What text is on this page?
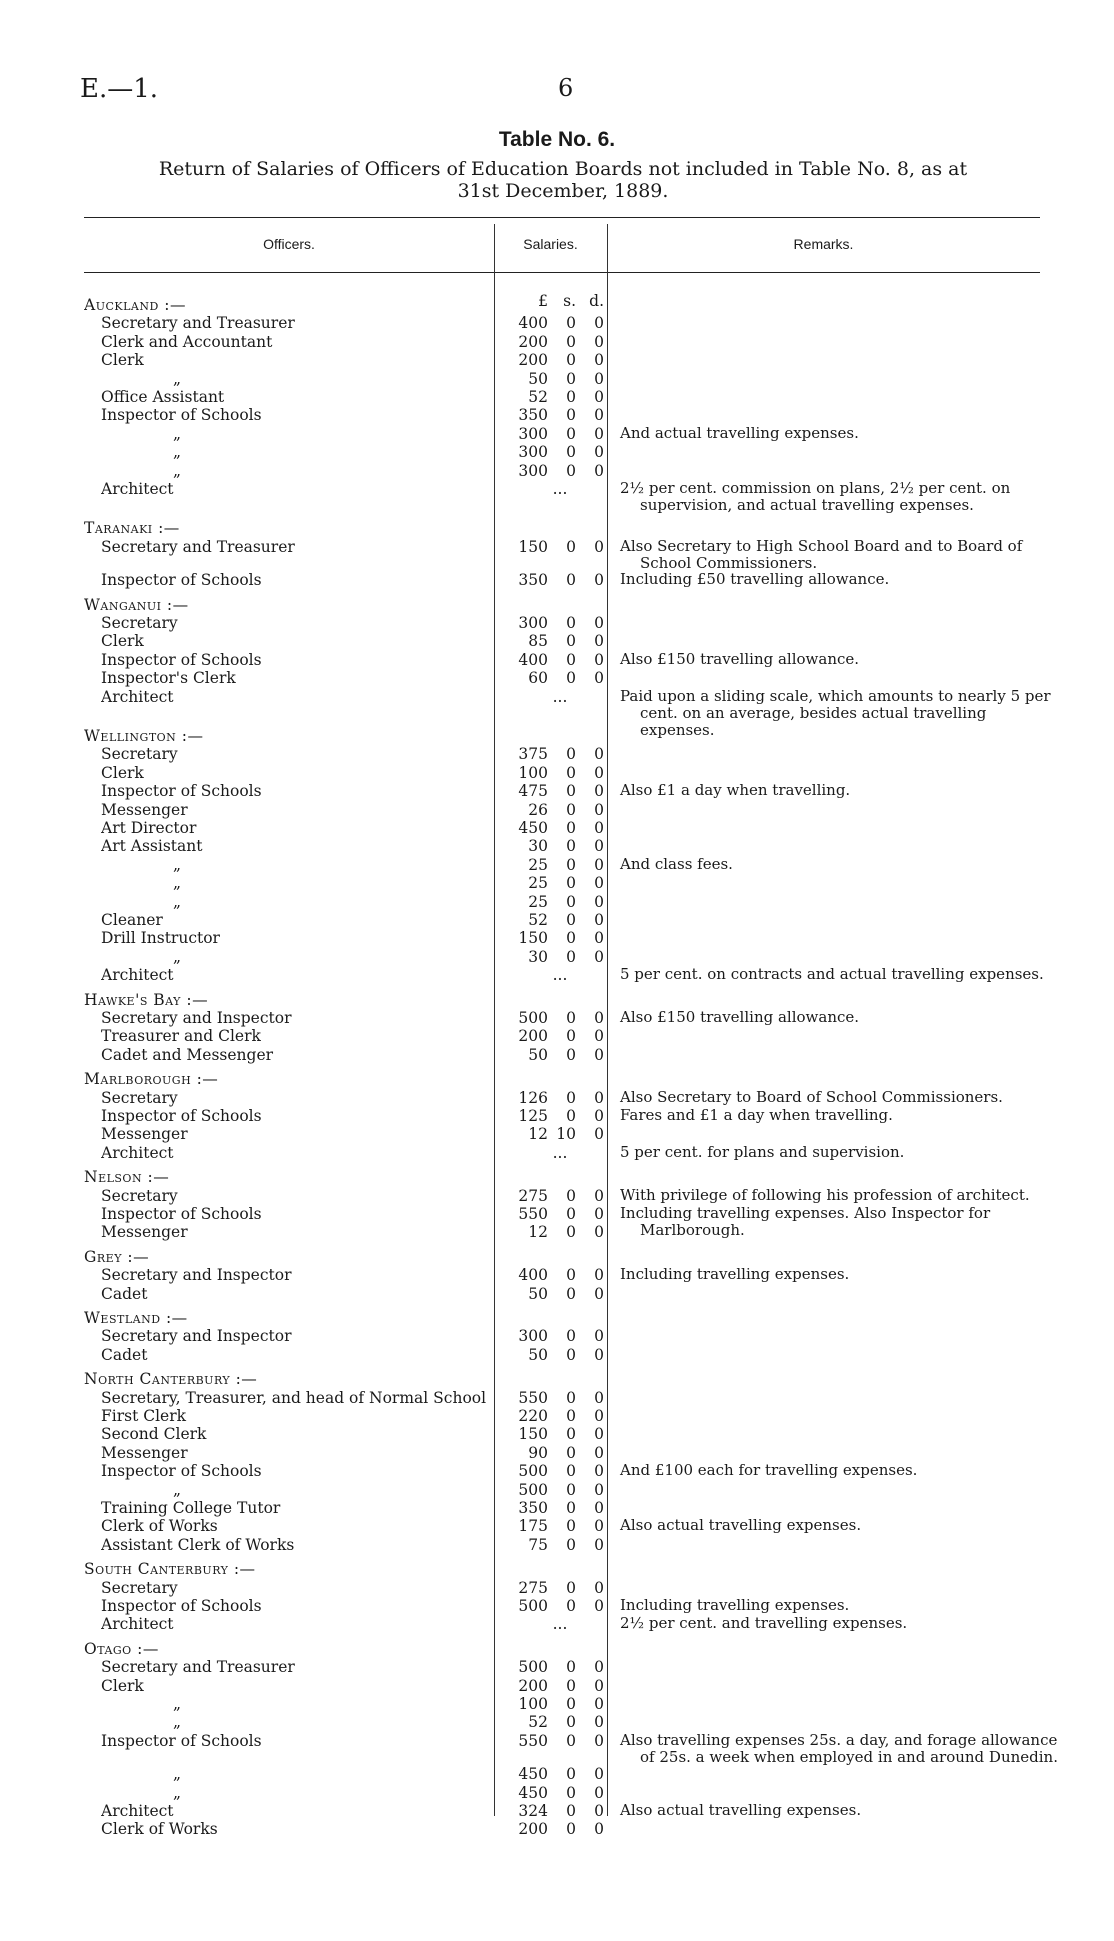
E.—1.	6
Table No. 6.
Return of Salaries of Officers of Education Boards not included in Table No. 8, as at
31st December, 1889.
Officers.	Salaries.	Remarks.
£ s. d.
Auckland :—
Secretary and Treasurer	400	0	0
Clerk and Accountant	200	0	0
Clerk	200	0	0
„	50	0	0
Office Assistant	52	0	0
Inspector of Schools	350	0	0
„	300	0	0 And actual travelling expenses.
„	300	0	0
„	300	0	0
Architect	...	2½ per cent. commission on plans, 2½ per cent. on supervision, and actual travelling expenses.
Taranaki :—
Secretary and Treasurer	150	0	0 Also Secretary to High School Board and to Board of School Commissioners.
Inspector of Schools	350	0	0 Including £50 travelling allowance.
Wanganui :—
Secretary	300	0	0
Clerk	85	0	0
Inspector of Schools	400	0	0 Also £150 travelling allowance.
Inspector's Clerk	60	0	0
Architect	...	Paid upon a sliding scale, which amounts to nearly 5 per cent. on an average, besides actual travelling expenses.
Wellington :—
Secretary	375	0	0
Clerk	100	0	0
Inspector of Schools	475	0	0 Also £1 a day when travelling.
Messenger	26	0	0
Art Director	450	0	0
Art Assistant	30	0	0
„	25	0	0 And class fees.
„	25	0	0
„	25	0	0
Cleaner	52	0	0
Drill Instructor	150	0	0
„	30	0	0
Architect	...	5 per cent. on contracts and actual travelling expenses.
Hawke's Bay :—
Secretary and Inspector	500	0	0 Also £150 travelling allowance.
Treasurer and Clerk	200	0	0
Cadet and Messenger	50	0	0
Marlborough :—
Secretary	126	0	0 Also Secretary to Board of School Commissioners.
Inspector of Schools	125	0	0 Fares and £1 a day when travelling.
Messenger	12 10	0
Architect	...	5 per cent. for plans and supervision.
Nelson :—
Secretary	275	0	0 With privilege of following his profession of architect.
Inspector of Schools	550	0	0 Including travelling expenses. Also Inspector for Marlborough.
Messenger	12	0	0
Grey :—
Secretary and Inspector	400	0	0 Including travelling expenses.
Cadet	50	0	0
Westland :—
Secretary and Inspector	300	0	0
Cadet	50	0	0
North Canterbury :—
Secretary, Treasurer, and head of Normal School	550	0	0
First Clerk	220	0	0
Second Clerk	150	0	0
Messenger	90	0	0
Inspector of Schools	500	0	0 And £100 each for travelling expenses.
„	500	0	0
Training College Tutor	350	0	0
Clerk of Works	175	0	0 Also actual travelling expenses.
Assistant Clerk of Works	75	0	0
South Canterbury :—
Secretary	275	0	0
Inspector of Schools	500	0	0 Including travelling expenses.
Architect	...	2½ per cent. and travelling expenses.
Otago :—
Secretary and Treasurer	500	0	0
Clerk	200	0	0
„	100	0	0
„	52	0	0
Inspector of Schools	550	0	0 Also travelling expenses 25s. a day, and forage allowance of 25s. a week when employed in and around Dunedin.
„	450	0	0
„	450	0	0
Architect	324	0	0 Also actual travelling expenses.
Clerk of Works	200	0	0
